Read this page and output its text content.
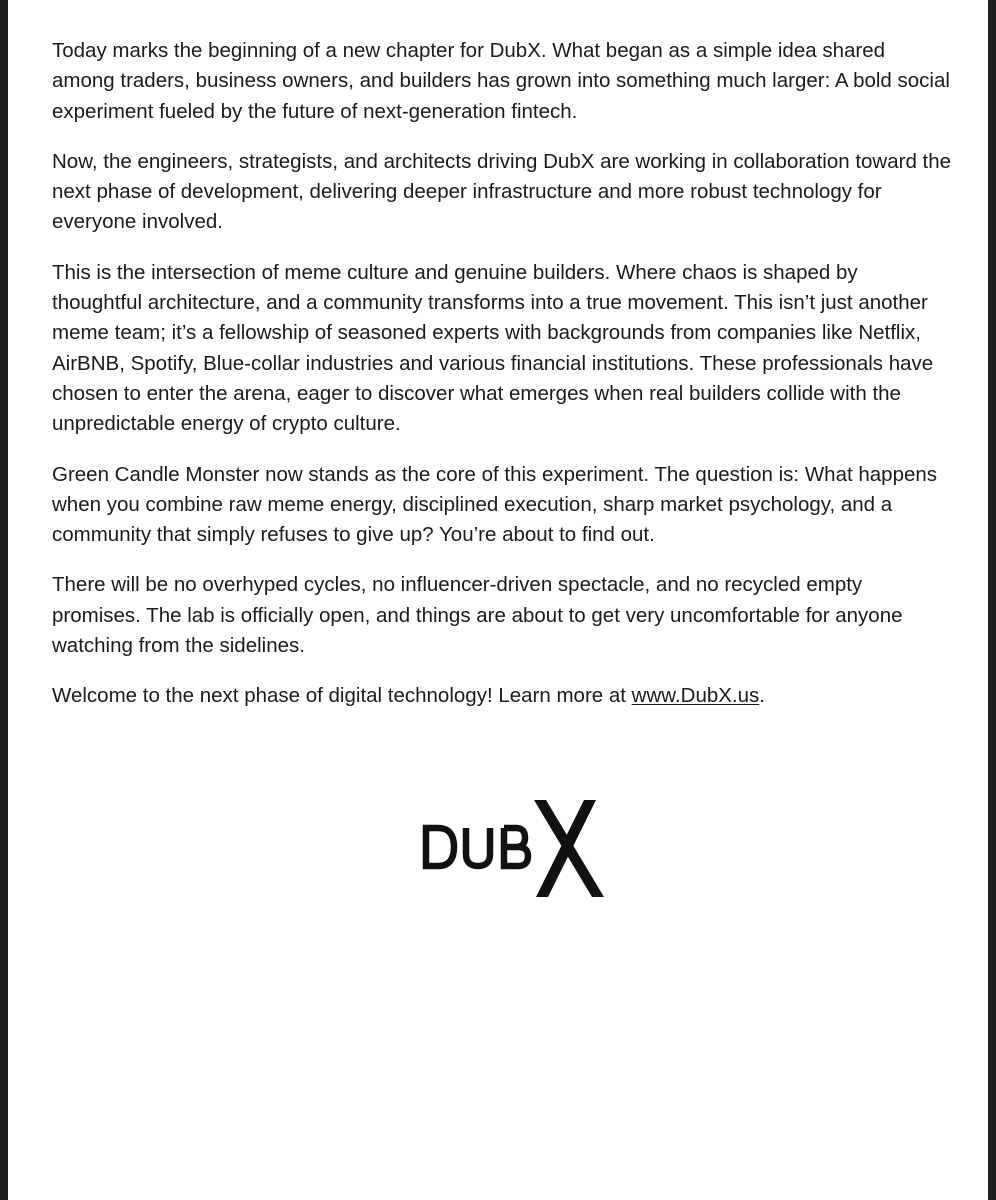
Today marks the beginning of a new chapter for DubX. What began as a simple idea shared among traders, business owners, and builders has grown into something much larger: A bold social experiment fueled by the future of next-generation fintech.

Now, the engineers, strategists, and architects driving DubX are working in collaboration toward the next phase of development, delivering deeper infrastructure and more robust technology for everyone involved.

This is the intersection of meme culture and genuine builders. Where chaos is shaped by thoughtful architecture, and a community transforms into a true movement. This isn’t just another meme team; it’s a fellowship of seasoned experts with backgrounds from companies like Netflix, AirBNB, Spotify, Blue-collar industries and various financial institutions. These professionals have chosen to enter the arena, eager to discover what emerges when real builders collide with the unpredictable energy of crypto culture.

Green Candle Monster now stands as the core of this experiment. The question is: What happens when you combine raw meme energy, disciplined execution, sharp market psychology, and a community that simply refuses to give up? You’re about to find out.

There will be no overhyped cycles, no influencer-driven spectacle, and no recycled empty promises. The lab is officially open, and things are about to get very uncomfortable for anyone watching from the sidelines.

Welcome to the next phase of digital technology! Learn more at www.DubX.us.
